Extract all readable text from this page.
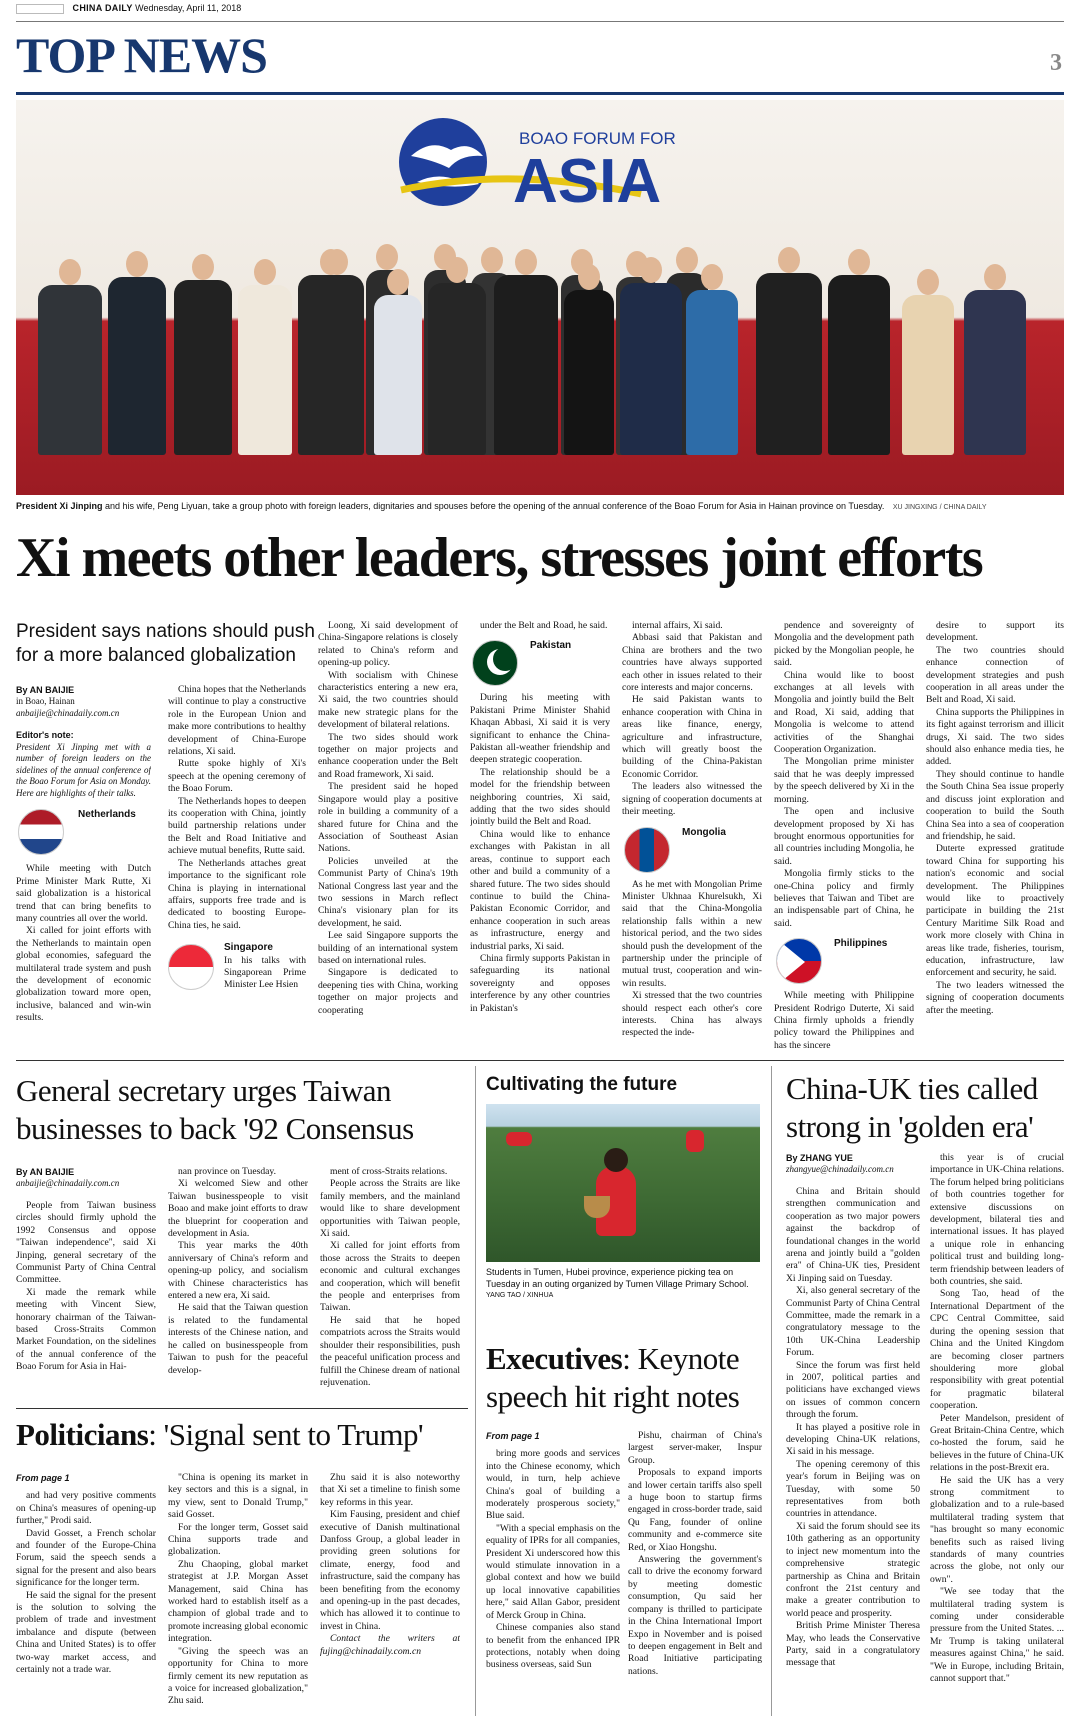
CHINA DAILY Wednesday, April 11, 2018
TOP NEWS	3
BOAO FORUM FOR
ASIA
President Xi Jinping and his wife, Peng Liyuan, take a group photo with foreign leaders, dignitaries and spouses before the opening of the annual conference of the Boao Forum for Asia in Hainan province on Tuesday. XU JINGXING / CHINA DAILY
Xi meets other leaders, stresses joint efforts
President says nations should push for a more balanced globalization
By AN BAIJIE
in Boao, Hainan
anbaijie@chinadaily.com.cn
Editor's note:
President Xi Jinping met with a number of foreign leaders on the sidelines of the annual conference of the Boao Forum for Asia on Monday. Here are highlights of their talks.
Netherlands

While meeting with Dutch Prime Minister Mark Rutte, Xi said globalization is a historical trend that can bring benefits to many countries all over the world.

Xi called for joint efforts with the Netherlands to maintain open global economies, safeguard the multilateral trade system and push the development of economic globalization toward more open, inclusive, balanced and win-win results.

China hopes that the Netherlands will continue to play a constructive role in the European Union and make more contributions to healthy development of China-Europe relations, Xi said.

Rutte spoke highly of Xi's speech at the opening ceremony of the Boao Forum.

The Netherlands hopes to deepen its cooperation with China, jointly build partnership relations under the Belt and Road Initiative and achieve mutual benefits, Rutte said.

The Netherlands attaches great importance to the significant role China is playing in international affairs, supports free trade and is dedicated to boosting Europe-China ties, he said.

Singapore
In his talks with Singaporean Prime Minister Lee Hsien

Loong, Xi said development of China-Singapore relations is closely related to China's reform and opening-up policy.

With socialism with Chinese characteristics entering a new era, Xi said, the two countries should make new strategic plans for the development of bilateral relations.

The two sides should work together on major projects and enhance cooperation under the Belt and Road framework, Xi said.

The president said he hoped Singapore would play a positive role in building a community of a shared future for China and the Association of Southeast Asian Nations.

Policies unveiled at the Communist Party of China's 19th National Congress last year and the two sessions in March reflect China's visionary plan for its development, he said.

Lee said Singapore supports the building of an international system based on international rules.

Singapore is dedicated to deepening ties with China, working together on major projects and cooperating

under the Belt and Road, he said.

Pakistan

During his meeting with Pakistani Prime Minister Shahid Khaqan Abbasi, Xi said it is very significant to enhance the China-Pakistan all-weather friendship and deepen strategic cooperation.

The relationship should be a model for the friendship between neighboring countries, Xi said, adding that the two sides should jointly build the Belt and Road.

China would like to enhance exchanges with Pakistan in all areas, continue to support each other and build a community of a shared future. The two sides should continue to build the China-Pakistan Economic Corridor, and enhance cooperation in such areas as infrastructure, energy and industrial parks, Xi said.

China firmly supports Pakistan in safeguarding its national sovereignty and opposes interference by any other countries in Pakistan's

internal affairs, Xi said.

Abbasi said that Pakistan and China are brothers and the two countries have always supported each other in issues related to their core interests and major concerns.

He said Pakistan wants to enhance cooperation with China in areas like finance, energy, agriculture and infrastructure, which will greatly boost the building of the China-Pakistan Economic Corridor.

The leaders also witnessed the signing of cooperation documents at their meeting.

Mongolia

As he met with Mongolian Prime Minister Ukhnaa Khurelsukh, Xi said that the China-Mongolia relationship falls within a new historical period, and the two sides should push the development of the partnership under the principle of mutual trust, cooperation and win-win results.

Xi stressed that the two countries should respect each other's core interests. China has always respected the inde-

pendence and sovereignty of Mongolia and the development path picked by the Mongolian people, he said.

China would like to boost exchanges at all levels with Mongolia and jointly build the Belt and Road, Xi said, adding that Mongolia is welcome to attend activities of the Shanghai Cooperation Organization.

The Mongolian prime minister said that he was deeply impressed by the speech delivered by Xi in the morning.

The open and inclusive development proposed by Xi has brought enormous opportunities for all countries including Mongolia, he said.

Mongolia firmly sticks to the one-China policy and firmly believes that Taiwan and Tibet are an indispensable part of China, he said.

Philippines

While meeting with Philippine President Rodrigo Duterte, Xi said China firmly upholds a friendly policy toward the Philippines and has the sincere

desire to support its development.

The two countries should enhance connection of development strategies and push cooperation in all areas under the Belt and Road, Xi said.

China supports the Philippines in its fight against terrorism and illicit drugs, Xi said. The two sides should also enhance media ties, he added.

They should continue to handle the South China Sea issue properly and discuss joint exploration and cooperation to build the South China Sea into a sea of cooperation and friendship, he said.

Duterte expressed gratitude toward China for supporting his nation's economic and social development. The Philippines would like to proactively participate in building the 21st Century Maritime Silk Road and work more closely with China in areas like trade, fisheries, tourism, education, infrastructure, law enforcement and security, he said.

The two leaders witnessed the signing of cooperation documents after the meeting.

General secretary urges Taiwan
businesses to back '92 Consensus
By AN BAIJIE
anbaijie@chinadaily.com.cn

People from Taiwan business circles should firmly uphold the 1992 Consensus and oppose "Taiwan independence", said Xi Jinping, general secretary of the Communist Party of China Central Committee.

Xi made the remark while meeting with Vincent Siew, honorary chairman of the Taiwan-based Cross-Straits Common Market Foundation, on the sidelines of the annual conference of the Boao Forum for Asia in Hai-

nan province on Tuesday.

Xi welcomed Siew and other Taiwan businesspeople to visit Boao and make joint efforts to draw the blueprint for cooperation and development in Asia.

This year marks the 40th anniversary of China's reform and opening-up policy, and socialism with Chinese characteristics has entered a new era, Xi said.

He said that the Taiwan question is related to the fundamental interests of the Chinese nation, and he called on businesspeople from Taiwan to push for the peaceful develop-

ment of cross-Straits relations.

People across the Straits are like family members, and the mainland would like to share development opportunities with Taiwan people, Xi said.

Xi called for joint efforts from those across the Straits to deepen economic and cultural exchanges and cooperation, which will benefit the people and enterprises from Taiwan.

He said that he hoped compatriots across the Straits would shoulder their responsibilities, push the peaceful unification process and fulfill the Chinese dream of national rejuvenation.

Politicians: 'Signal sent to Trump'
From page 1

and had very positive comments on China's measures of opening-up further," Prodi said.

David Gosset, a French scholar and founder of the Europe-China Forum, said the speech sends a signal for the present and also bears significance for the longer term.

He said the signal for the present is the solution to solving the problem of trade and investment imbalance and dispute (between China and United States) is to offer two-way market access, and certainly not a trade war.

"China is opening its market in key sectors and this is a signal, in my view, sent to Donald Trump," said Gosset.

For the longer term, Gosset said China supports trade and globalization.

Zhu Chaoping, global market strategist at J.P. Morgan Asset Management, said China has worked hard to establish itself as a champion of global trade and to promote increasing global economic integration.

"Giving the speech was an opportunity for China to more firmly cement its new reputation as a voice for increased globalization," Zhu said.

Zhu said it is also noteworthy that Xi set a timeline to finish some key reforms in this year.

Kim Fausing, president and chief executive of Danish multinational Danfoss Group, a global leader in providing green solutions for climate, energy, food and infrastructure, said the company has been benefiting from the economy and opening-up in the past decades, which has allowed it to continue to invest in China.

Contact the writers at fujing@chinadaily.com.cn

Cultivating the future
Students in Tumen, Hubei province, experience picking tea on Tuesday in an outing organized by Tumen Village Primary School. YANG TAO / XINHUA
Executives: Keynote
speech hit right notes
From page 1

bring more goods and services into the Chinese economy, which would, in turn, help achieve China's goal of building a moderately prosperous society," Blue said.

"With a special emphasis on the equality of IPRs for all companies, President Xi underscored how this would stimulate innovation in a global context and how we build up local innovative capabilities here," said Allan Gabor, president of Merck Group in China.

Chinese companies also stand to benefit from the enhanced IPR protections, notably when doing business overseas, said Sun

Pishu, chairman of China's largest server-maker, Inspur Group.

Proposals to expand imports and lower certain tariffs also spell a huge boon to startup firms engaged in cross-border trade, said Qu Fang, founder of online community and e-commerce site Red, or Xiao Hongshu.

Answering the government's call to drive the economy forward by meeting domestic consumption, Qu said her company is thrilled to participate in the China International Import Expo in November and is poised to deepen engagement in Belt and Road Initiative participating nations.

China-UK ties called
strong in 'golden era'
By ZHANG YUE
zhangyue@chinadaily.com.cn

China and Britain should strengthen communication and cooperation as two major powers against the backdrop of foundational changes in the world arena and jointly build a "golden era" of China-UK ties, President Xi Jinping said on Tuesday.

Xi, also general secretary of the Communist Party of China Central Committee, made the remark in a congratulatory message to the 10th UK-China Leadership Forum.

Since the forum was first held in 2007, political parties and politicians have exchanged views on issues of common concern through the forum.

It has played a positive role in developing China-UK relations, Xi said in his message.

The opening ceremony of this year's forum in Beijing was on Tuesday, with some 50 representatives from both countries in attendance.

Xi said the forum should see its 10th gathering as an opportunity to inject new momentum into the comprehensive strategic partnership as China and Britain confront the 21st century and make a greater contribution to world peace and prosperity.

British Prime Minister Theresa May, who leads the Conservative Party, said in a congratulatory message that

this year is of crucial importance in UK-China relations. The forum helped bring politicians of both countries together for extensive discussions on development, bilateral ties and international issues. It has played a unique role in enhancing political trust and building long-term friendship between leaders of both countries, she said.

Song Tao, head of the International Department of the CPC Central Committee, said during the opening session that China and the United Kingdom are becoming closer partners shouldering more global responsibility with great potential for pragmatic bilateral cooperation.

Peter Mandelson, president of Great Britain-China Centre, which co-hosted the forum, said he believes in the future of China-UK relations in the post-Brexit era.

He said the UK has a very strong commitment to globalization and to a rule-based multilateral trading system that "has brought so many economic benefits such as raised living standards of many countries across the globe, not only our own".

"We see today that the multilateral trading system is coming under considerable pressure from the United States. ... Mr Trump is taking unilateral measures against China," he said. "We in Europe, including Britain, cannot support that."
